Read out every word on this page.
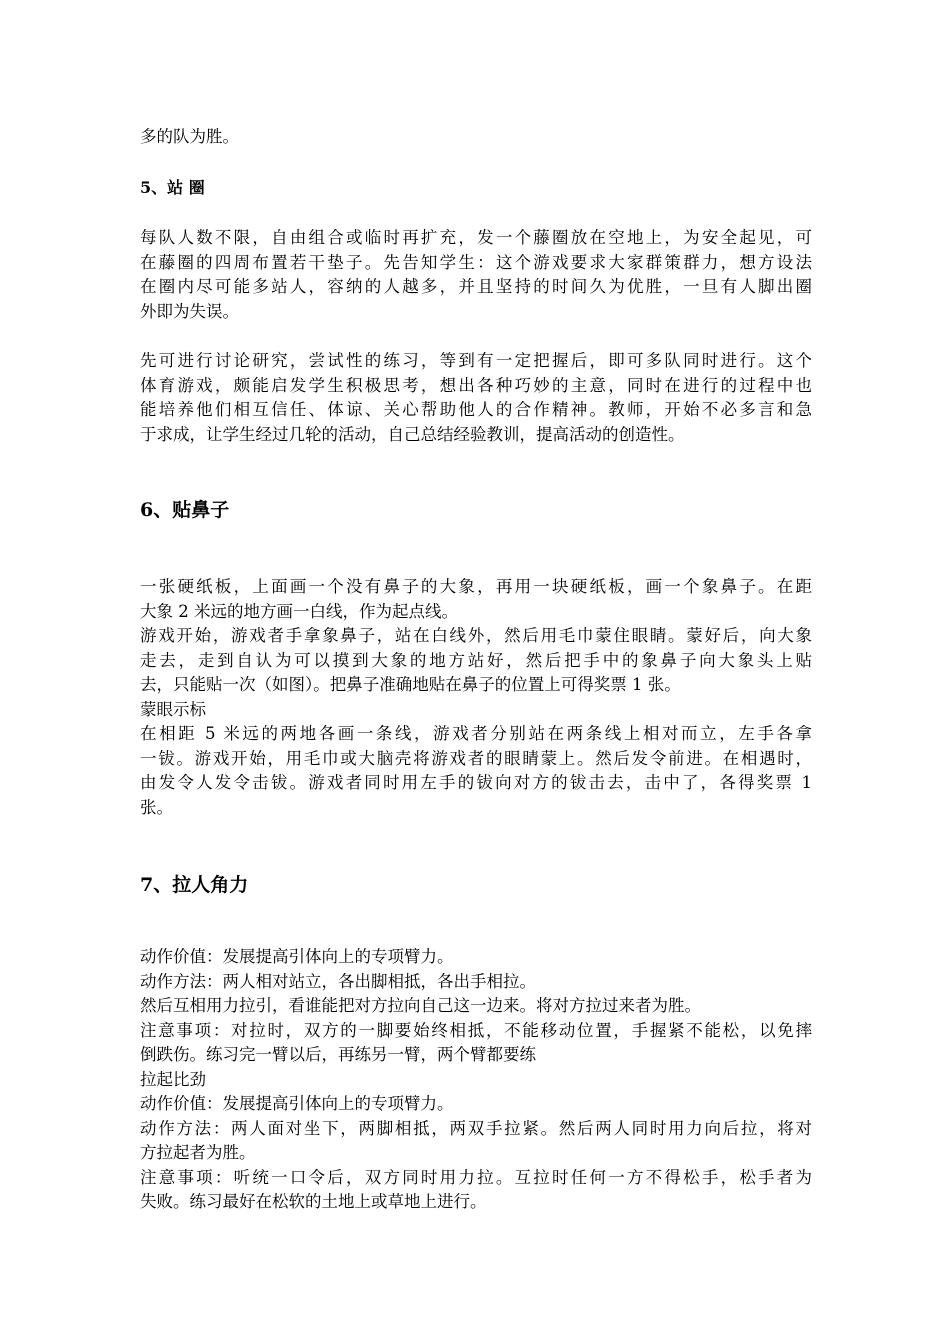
多的队为胜。
5、站 圈
每队人数不限，自由组合或临时再扩充，发一个藤圈放在空地上，为安全起见，可
在藤圈的四周布置若干垫子。先告知学生：这个游戏要求大家群策群力，想方设法
在圈内尽可能多站人，容纳的人越多，并且坚持的时间久为优胜，一旦有人脚出圈
外即为失误。
先可进行讨论研究，尝试性的练习，等到有一定把握后，即可多队同时进行。这个
体育游戏，颇能启发学生积极思考，想出各种巧妙的主意，同时在进行的过程中也
能培养他们相互信任、体谅、关心帮助他人的合作精神。教师，开始不必多言和急
于求成，让学生经过几轮的活动，自己总结经验教训，提高活动的创造性。
6、贴鼻子
一张硬纸板，上面画一个没有鼻子的大象，再用一块硬纸板，画一个象鼻子。在距
大象 2 米远的地方画一白线，作为起点线。
游戏开始，游戏者手拿象鼻子，站在白线外，然后用毛巾蒙住眼睛。蒙好后，向大象
走去，走到自认为可以摸到大象的地方站好，然后把手中的象鼻子向大象头上贴
去，只能贴一次（如图）。把鼻子准确地贴在鼻子的位置上可得奖票 1 张。
蒙眼示标
在相距 5 米远的两地各画一条线，游戏者分别站在两条线上相对而立，左手各拿
一钹。游戏开始，用毛巾或大脑壳将游戏者的眼睛蒙上。然后发令前进。在相遇时，
由发令人发令击钹。游戏者同时用左手的钹向对方的钹击去，击中了，各得奖票 1
张。
7、拉人角力
动作价值：发展提高引体向上的专项臂力。
动作方法：两人相对站立，各出脚相抵，各出手相拉。
然后互相用力拉引，看谁能把对方拉向自己这一边来。将对方拉过来者为胜。
注意事项：对拉时，双方的一脚要始终相抵，不能移动位置，手握紧不能松，以免摔
倒跌伤。练习完一臂以后，再练另一臂，两个臂都要练
拉起比劲
动作价值：发展提高引体向上的专项臂力。
动作方法：两人面对坐下，两脚相抵，两双手拉紧。然后两人同时用力向后拉，将对
方拉起者为胜。
注意事项：听统一口令后，双方同时用力拉。互拉时任何一方不得松手，松手者为
失败。练习最好在松软的土地上或草地上进行。
